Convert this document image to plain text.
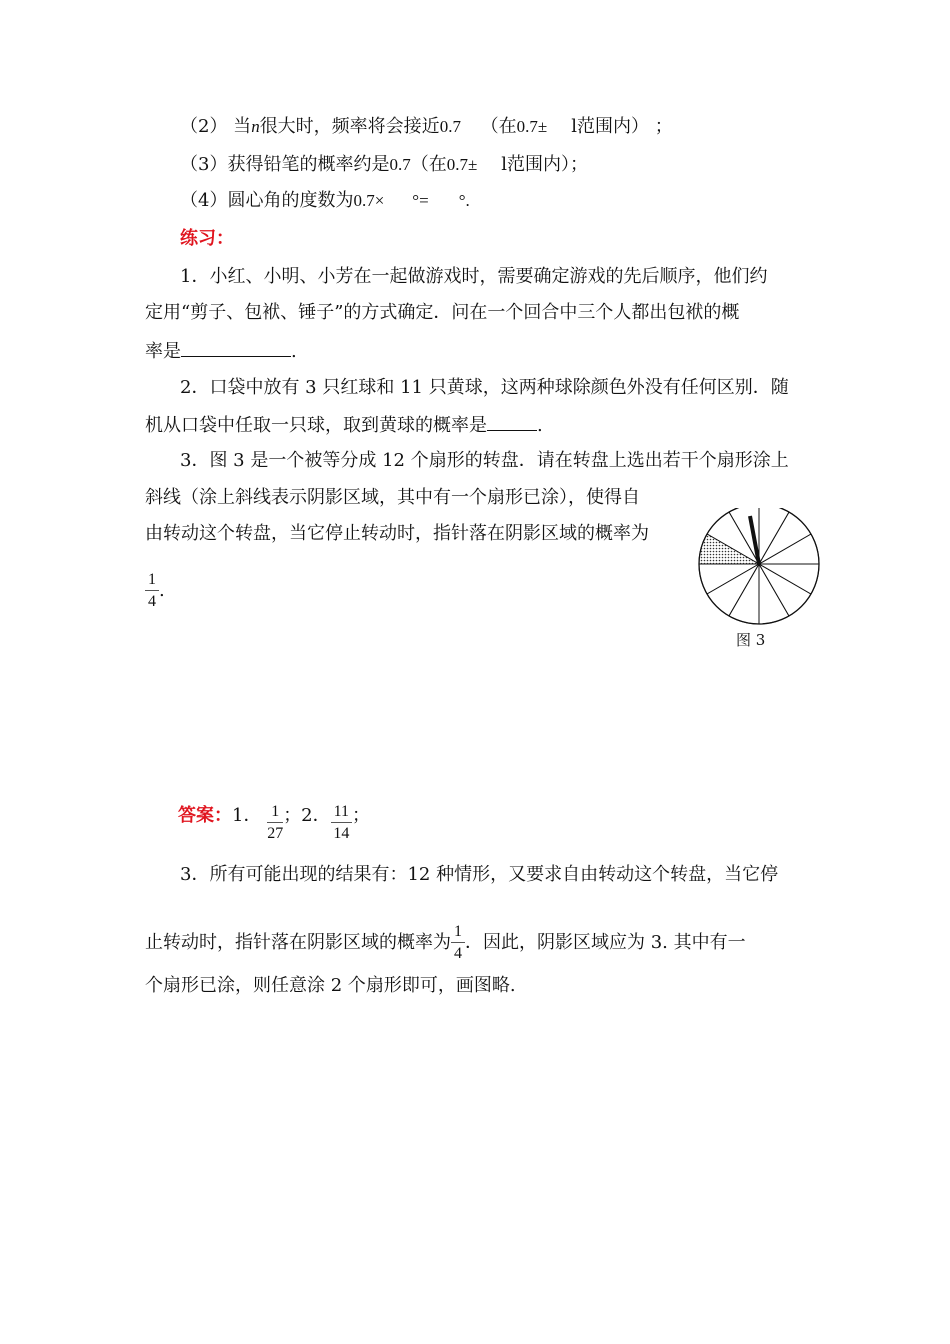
（2） 当n很大时，频率将会接近0.7 （在0.7± l范围内） ；
（3）获得铅笔的概率约是0.7（在0.7± l范围内）；
（4）圆心角的度数为0.7× °= °.
练习：
1．小红、小明、小芳在一起做游戏时，需要确定游戏的先后顺序，他们约
定用“剪子、包袱、锤子”的方式确定．问在一个回合中三个人都出包袱的概
率是	.
2．口袋中放有 3 只红球和 11 只黄球，这两种球除颜色外没有任何区别．随
机从口袋中任取一只球，取到黄球的概率是	.
3．图 3 是一个被等分成 12 个扇形的转盘．请在转盘上选出若干个扇形涂上
斜线（涂上斜线表示阴影区域，其中有一个扇形已涂），使得自
由转动这个转盘，当它停止转动时，指针落在阴影区域的概率为
$\frac{1}{4}$ .
图 3
答案：1． $\frac{1}{27}$ ；2． $\frac{11}{14}$ ；
3．所有可能出现的结果有：12 种情形，又要求自由转动这个转盘，当它停
止转动时，指针落在阴影区域的概率为 $\frac{1}{4}$ ．因此，阴影区域应为 3. 其中有一
个扇形已涂，则任意涂 2 个扇形即可，画图略.
